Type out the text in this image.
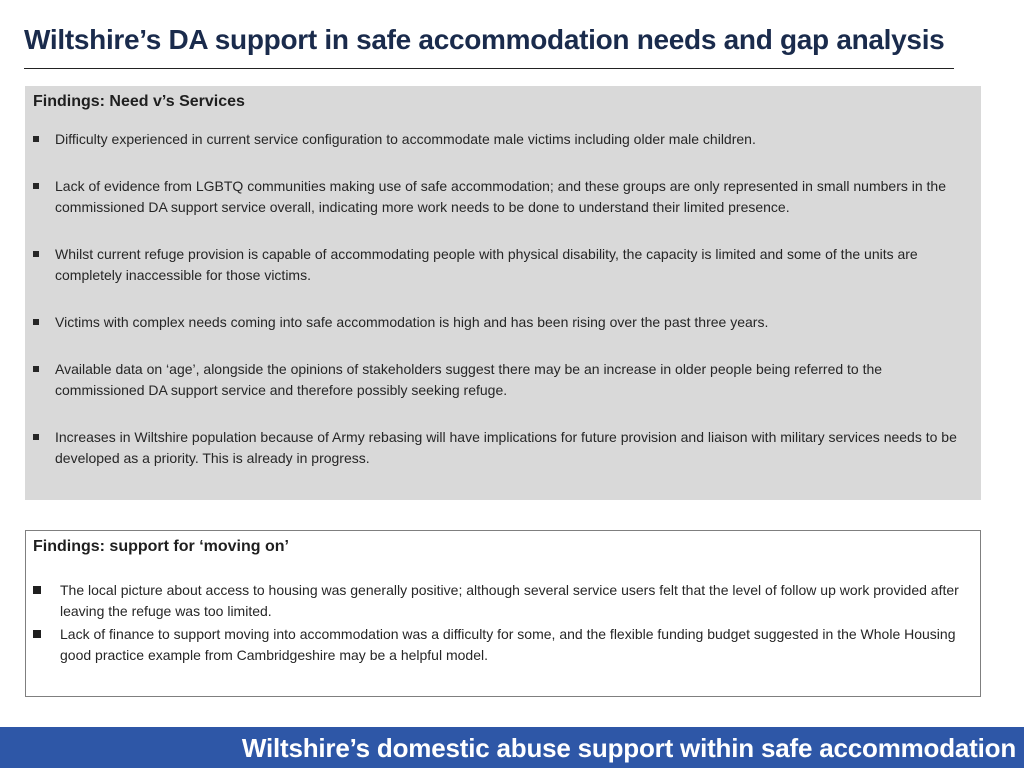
Wiltshire’s DA support in safe accommodation needs and gap analysis
Findings: Need v’s Services
Difficulty experienced in current service configuration to accommodate male victims including older male children.
Lack of evidence from LGBTQ communities making use of safe accommodation; and these groups are only represented in small numbers in the commissioned DA support service overall, indicating more work needs to be done to understand their limited presence.
Whilst current refuge provision is capable of accommodating people with physical disability, the capacity is limited and some of the units are completely inaccessible for those victims.
Victims with complex needs coming into safe accommodation is high and has been rising over the past three years.
Available data on ‘age’, alongside the opinions of stakeholders suggest there may be an increase in older people being referred to the commissioned DA support service and therefore possibly seeking refuge.
Increases in Wiltshire population because of Army rebasing will have implications for future provision and liaison with military services needs to be developed as a priority. This is already in progress.
Findings: support for ‘moving on’
The local picture about access to housing was generally positive; although several service users felt that the level of follow up work provided after leaving the refuge was too limited.
Lack of finance to support moving into accommodation was a difficulty for some, and the flexible funding budget suggested in the Whole Housing good practice example from Cambridgeshire may be a helpful model.
Wiltshire’s domestic abuse support within safe accommodation
